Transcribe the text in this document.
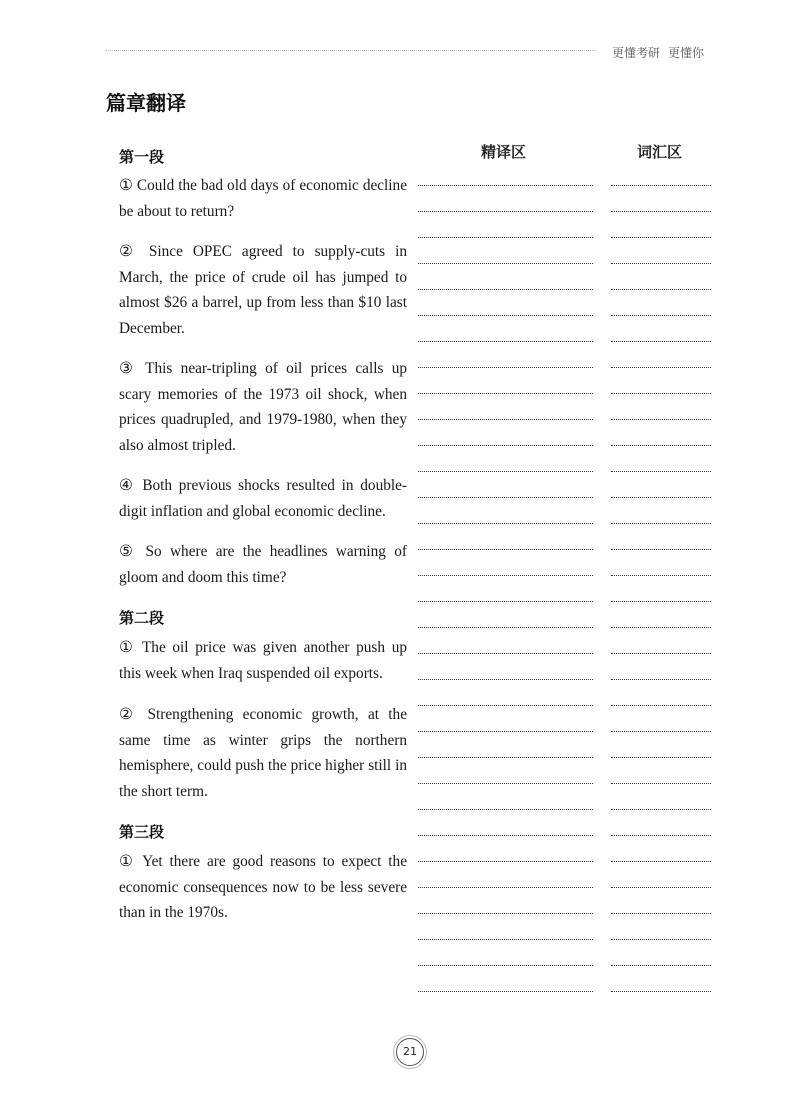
更懂考研 更懂你
篇章翻译
精译区	词汇区
第一段

① Could the bad old days of economic decline be about to return?

② Since OPEC agreed to supply-cuts in March, the price of crude oil has jumped to almost $26 a barrel, up from less than $10 last December.

③ This near-tripling of oil prices calls up scary memories of the 1973 oil shock, when prices quadrupled, and 1979-1980, when they also almost tripled.

④ Both previous shocks resulted in double-digit inflation and global economic decline.

⑤ So where are the headlines warning of gloom and doom this time?

第二段

① The oil price was given another push up this week when Iraq suspended oil exports.

② Strengthening economic growth, at the same time as winter grips the northern hemisphere, could push the price higher still in the short term.

第三段

① Yet there are good reasons to expect the economic consequences now to be less severe than in the 1970s.

21
